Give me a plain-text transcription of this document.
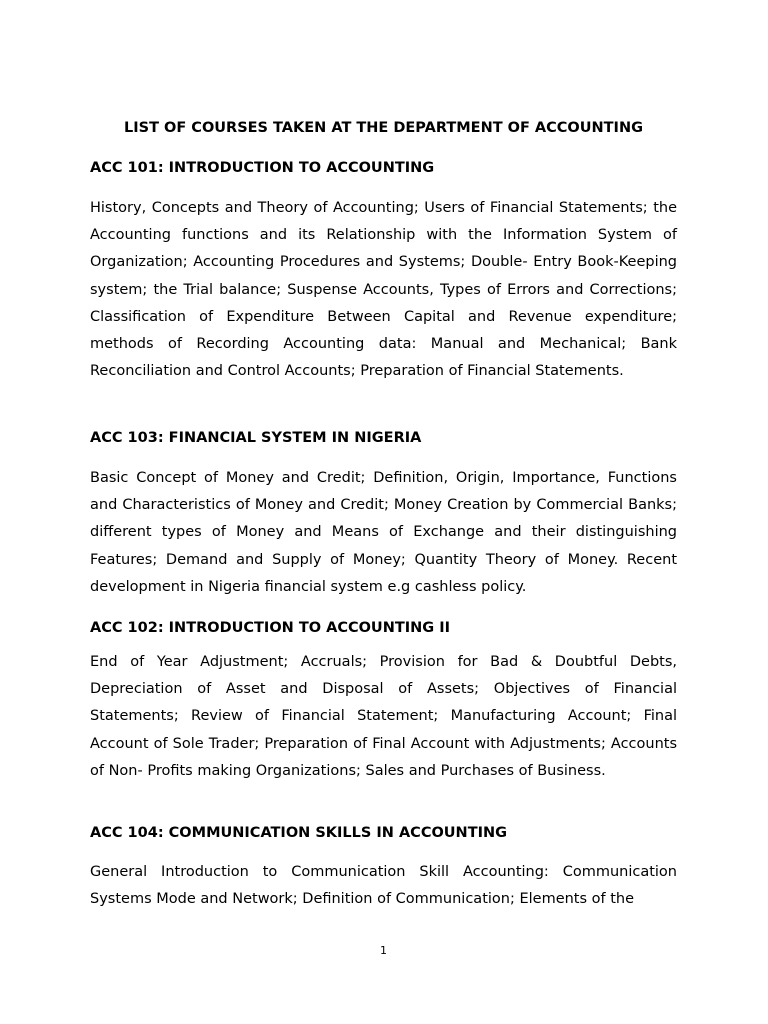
LIST OF COURSES TAKEN AT THE DEPARTMENT OF ACCOUNTING
ACC 101: INTRODUCTION TO ACCOUNTING
History, Concepts and Theory of Accounting; Users of Financial Statements; the Accounting functions and its Relationship with the Information System of Organization; Accounting Procedures and Systems; Double- Entry Book-Keeping system; the Trial balance; Suspense Accounts, Types of Errors and Corrections; Classification of Expenditure Between Capital and Revenue expenditure; methods of Recording Accounting data: Manual and Mechanical; Bank Reconciliation and Control Accounts; Preparation of Financial Statements.
ACC 103: FINANCIAL SYSTEM IN NIGERIA
Basic Concept of Money and Credit; Definition, Origin, Importance, Functions and Characteristics of Money and Credit; Money Creation by Commercial Banks; different types of Money and Means of Exchange and their distinguishing Features; Demand and Supply of Money; Quantity Theory of Money. Recent development in Nigeria financial system e.g cashless policy.
ACC 102: INTRODUCTION TO ACCOUNTING II
End of Year Adjustment; Accruals; Provision for Bad & Doubtful Debts, Depreciation of Asset and Disposal of Assets; Objectives of Financial Statements; Review of Financial Statement; Manufacturing Account; Final Account of Sole Trader; Preparation of Final Account with Adjustments; Accounts of Non- Profits making Organizations; Sales and Purchases of Business.
ACC 104: COMMUNICATION SKILLS IN ACCOUNTING
General Introduction to Communication Skill Accounting: Communication Systems Mode and Network; Definition of Communication; Elements of the
1
